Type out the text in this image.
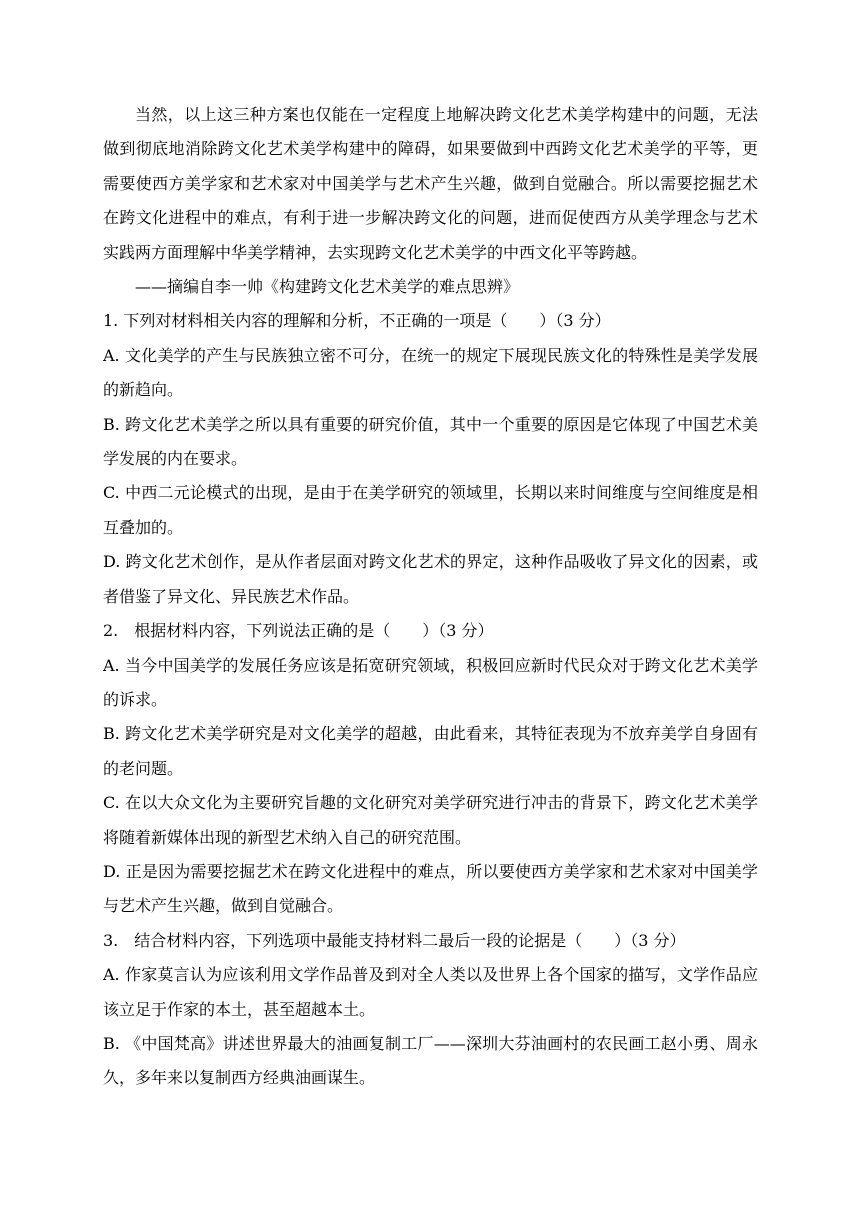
当然，以上这三种方案也仅能在一定程度上地解决跨文化艺术美学构建中的问题，无法做到彻底地消除跨文化艺术美学构建中的障碍，如果要做到中西跨文化艺术美学的平等，更需要使西方美学家和艺术家对中国美学与艺术产生兴趣，做到自觉融合。所以需要挖掘艺术在跨文化进程中的难点，有利于进一步解决跨文化的问题，进而促使西方从美学理念与艺术实践两方面理解中华美学精神，去实现跨文化艺术美学的中西文化平等跨越。

——摘编自李一帅《构建跨文化艺术美学的难点思辨》

1. 下列对材料相关内容的理解和分析，不正确的一项是（　　）（3 分）

A. 文化美学的产生与民族独立密不可分，在统一的规定下展现民族文化的特殊性是美学发展的新趋向。

B. 跨文化艺术美学之所以具有重要的研究价值，其中一个重要的原因是它体现了中国艺术美学发展的内在要求。

C. 中西二元论模式的出现，是由于在美学研究的领域里，长期以来时间维度与空间维度是相互叠加的。

D. 跨文化艺术创作，是从作者层面对跨文化艺术的界定，这种作品吸收了异文化的因素，或者借鉴了异文化、异民族艺术作品。

2.　根据材料内容，下列说法正确的是（　　）（3 分）

A. 当今中国美学的发展任务应该是拓宽研究领域，积极回应新时代民众对于跨文化艺术美学的诉求。

B. 跨文化艺术美学研究是对文化美学的超越，由此看来，其特征表现为不放弃美学自身固有的老问题。

C. 在以大众文化为主要研究旨趣的文化研究对美学研究进行冲击的背景下，跨文化艺术美学将随着新媒体出现的新型艺术纳入自己的研究范围。

D. 正是因为需要挖掘艺术在跨文化进程中的难点，所以要使西方美学家和艺术家对中国美学与艺术产生兴趣，做到自觉融合。

3.　结合材料内容，下列选项中最能支持材料二最后一段的论据是（　　）（3 分）

A. 作家莫言认为应该利用文学作品普及到对全人类以及世界上各个国家的描写，文学作品应该立足于作家的本土，甚至超越本土。

B. 《中国梵高》讲述世界最大的油画复制工厂——深圳大芬油画村的农民画工赵小勇、周永久，多年来以复制西方经典油画谋生。
